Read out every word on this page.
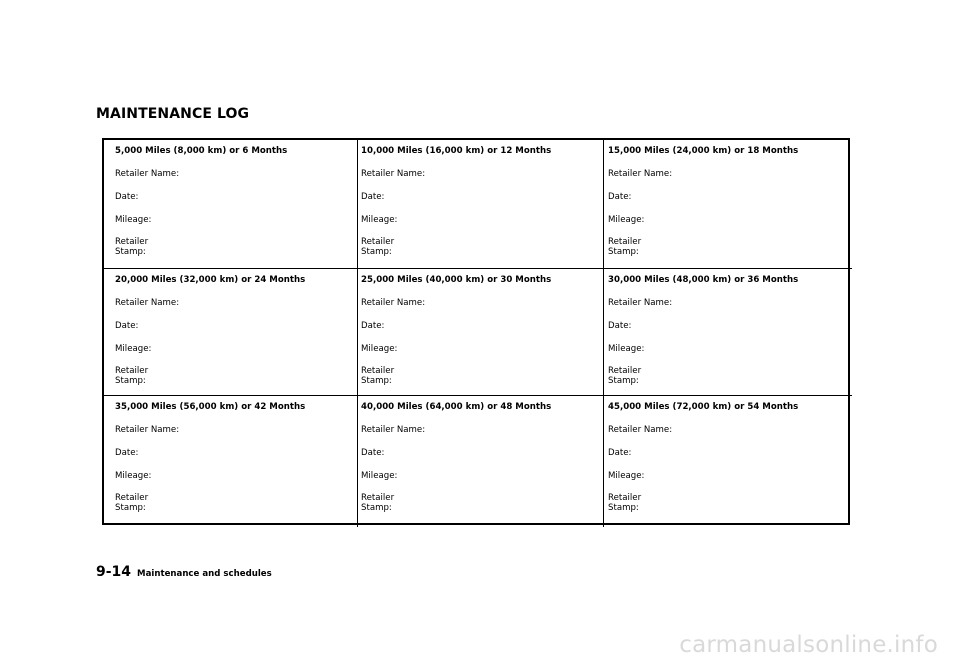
MAINTENANCE LOG
5,000 Miles (8,000 km) or 6 Months
Retailer Name:
Date:
Mileage:
Retailer Stamp:
10,000 Miles (16,000 km) or 12 Months
Retailer Name:
Date:
Mileage:
Retailer Stamp:
15,000 Miles (24,000 km) or 18 Months
Retailer Name:
Date:
Mileage:
Retailer Stamp:
20,000 Miles (32,000 km) or 24 Months
Retailer Name:
Date:
Mileage:
Retailer Stamp:
25,000 Miles (40,000 km) or 30 Months
Retailer Name:
Date:
Mileage:
Retailer Stamp:
30,000 Miles (48,000 km) or 36 Months
Retailer Name:
Date:
Mileage:
Retailer Stamp:
35,000 Miles (56,000 km) or 42 Months
Retailer Name:
Date:
Mileage:
Retailer Stamp:
40,000 Miles (64,000 km) or 48 Months
Retailer Name:
Date:
Mileage:
Retailer Stamp:
45,000 Miles (72,000 km) or 54 Months
Retailer Name:
Date:
Mileage:
Retailer Stamp:
9-14 Maintenance and schedules
carmanualsonline.info
